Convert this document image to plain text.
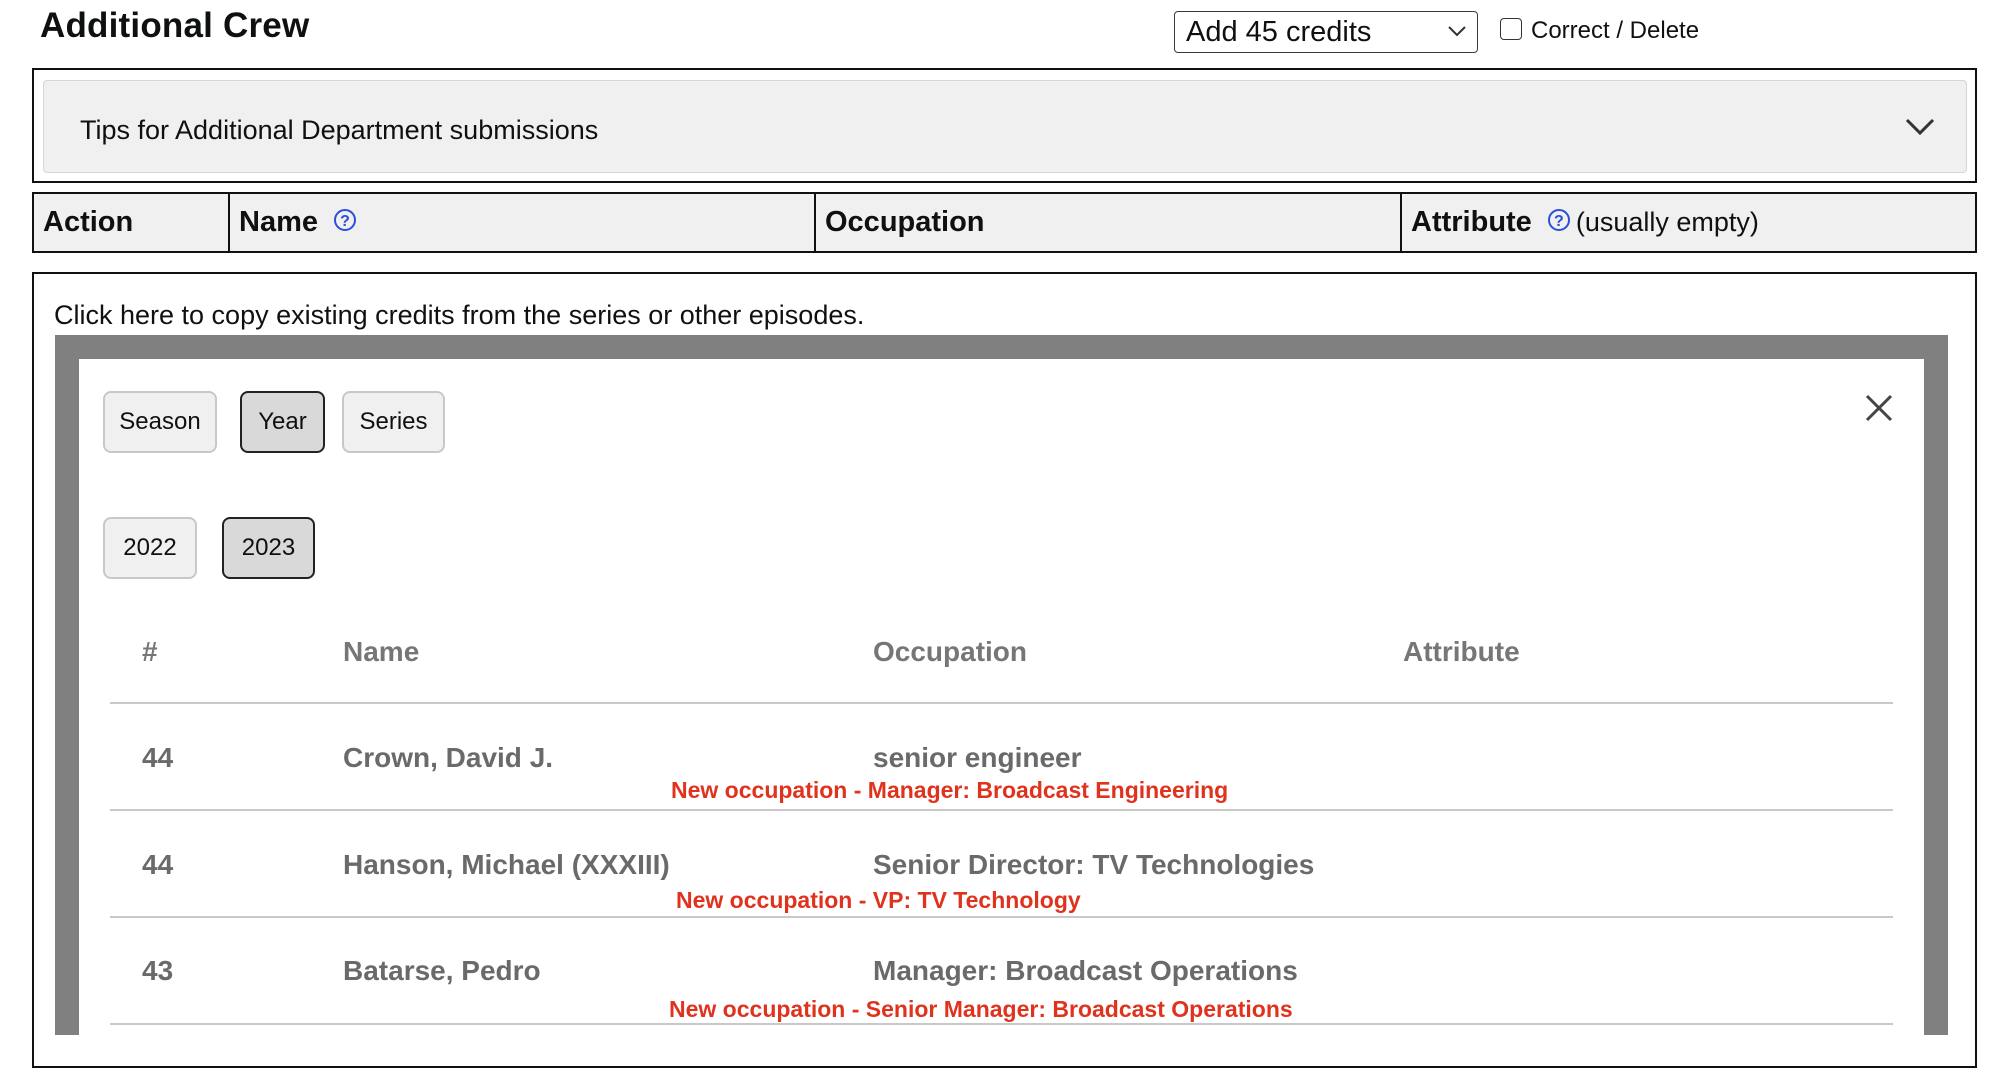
Additional Crew	Add 45 credits	Correct / Delete
Tips for Additional Department submissions
Action	Name ?	Occupation	Attribute ? (usually empty)
Click here to copy existing credits from the series or other episodes.
Season	Year	Series
2022	2023
#	Name	Occupation	Attribute
44	Crown, David J.	senior engineer
New occupation - Manager: Broadcast Engineering
44	Hanson, Michael (XXXIII)	Senior Director: TV Technologies
New occupation - VP: TV Technology
43	Batarse, Pedro	Manager: Broadcast Operations
New occupation - Senior Manager: Broadcast Operations
